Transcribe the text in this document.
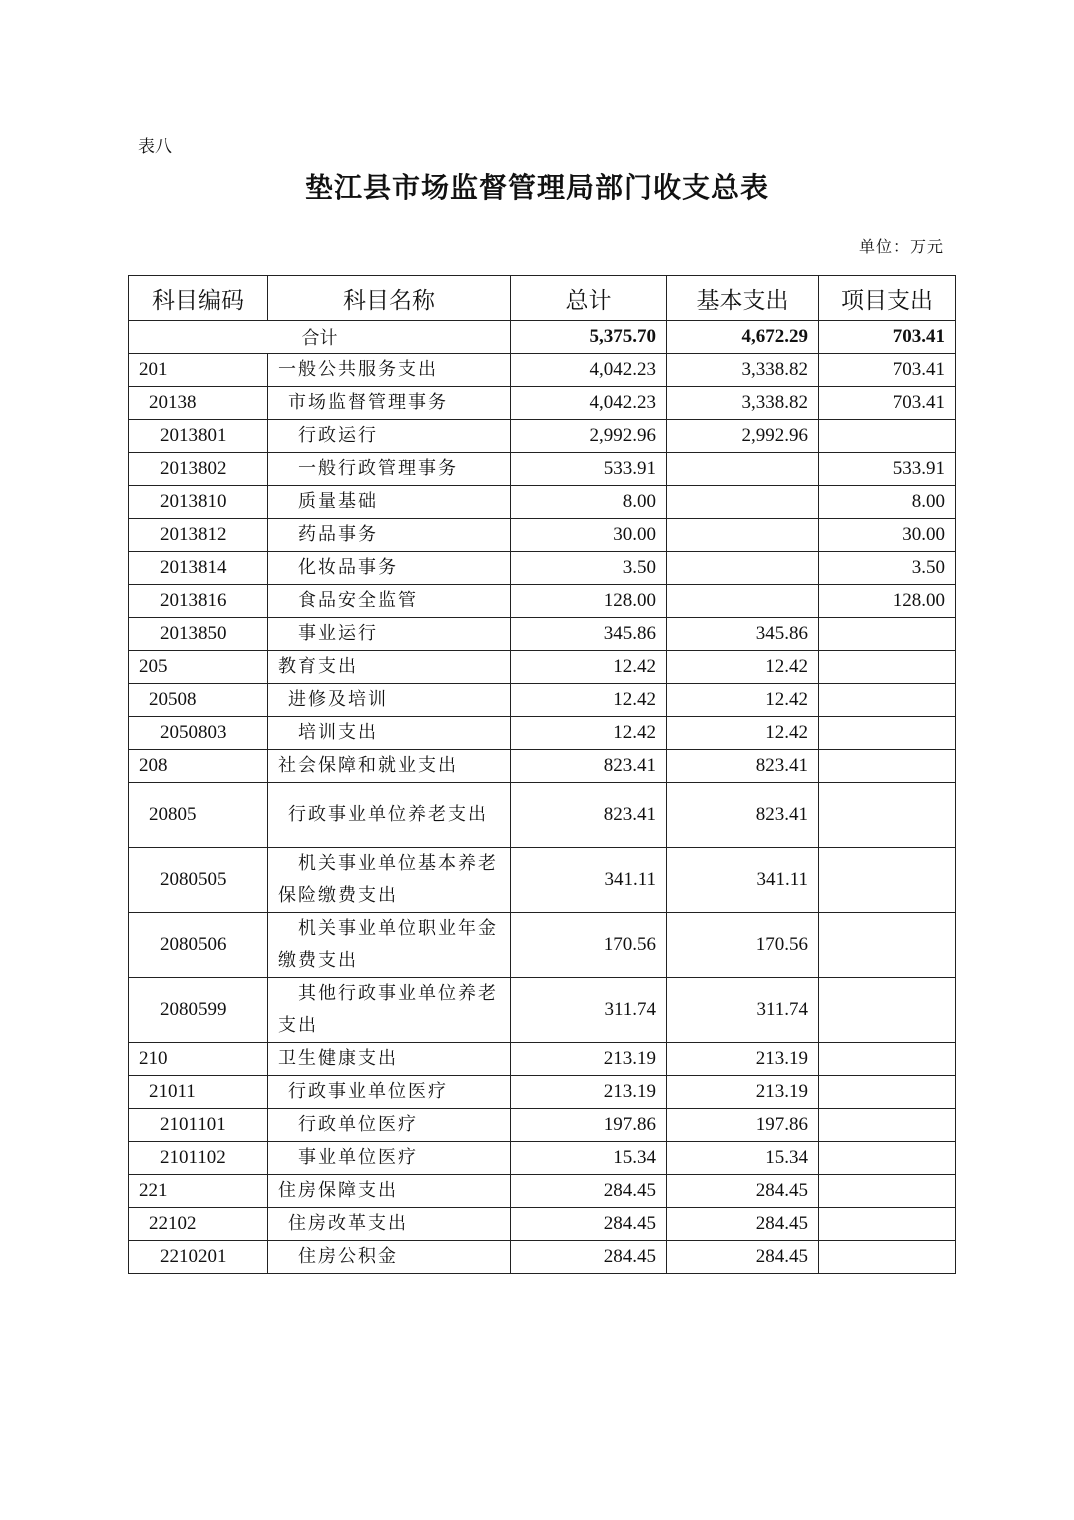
表八
垫江县市场监督管理局部门收支总表
单位：万元
科目编码	科目名称	总计	基本支出	项目支出
合计		5,375.70	4,672.29	703.41
201	一般公共服务支出	4,042.23	3,338.82	703.41
20138	市场监督管理事务	4,042.23	3,338.82	703.41
2013801	行政运行	2,992.96	2,992.96	
2013802	一般行政管理事务	533.91		533.91
2013810	质量基础	8.00		8.00
2013812	药品事务	30.00		30.00
2013814	化妆品事务	3.50		3.50
2013816	食品安全监管	128.00		128.00
2013850	事业运行	345.86	345.86	
205	教育支出	12.42	12.42	
20508	进修及培训	12.42	12.42	
2050803	培训支出	12.42	12.42	
208	社会保障和就业支出	823.41	823.41	
20805	行政事业单位养老支出	823.41	823.41	
2080505	机关事业单位基本养老保险缴费支出	341.11	341.11	
2080506	机关事业单位职业年金缴费支出	170.56	170.56	
2080599	其他行政事业单位养老支出	311.74	311.74	
210	卫生健康支出	213.19	213.19	
21011	行政事业单位医疗	213.19	213.19	
2101101	行政单位医疗	197.86	197.86	
2101102	事业单位医疗	15.34	15.34	
221	住房保障支出	284.45	284.45	
22102	住房改革支出	284.45	284.45	
2210201	住房公积金	284.45	284.45	
